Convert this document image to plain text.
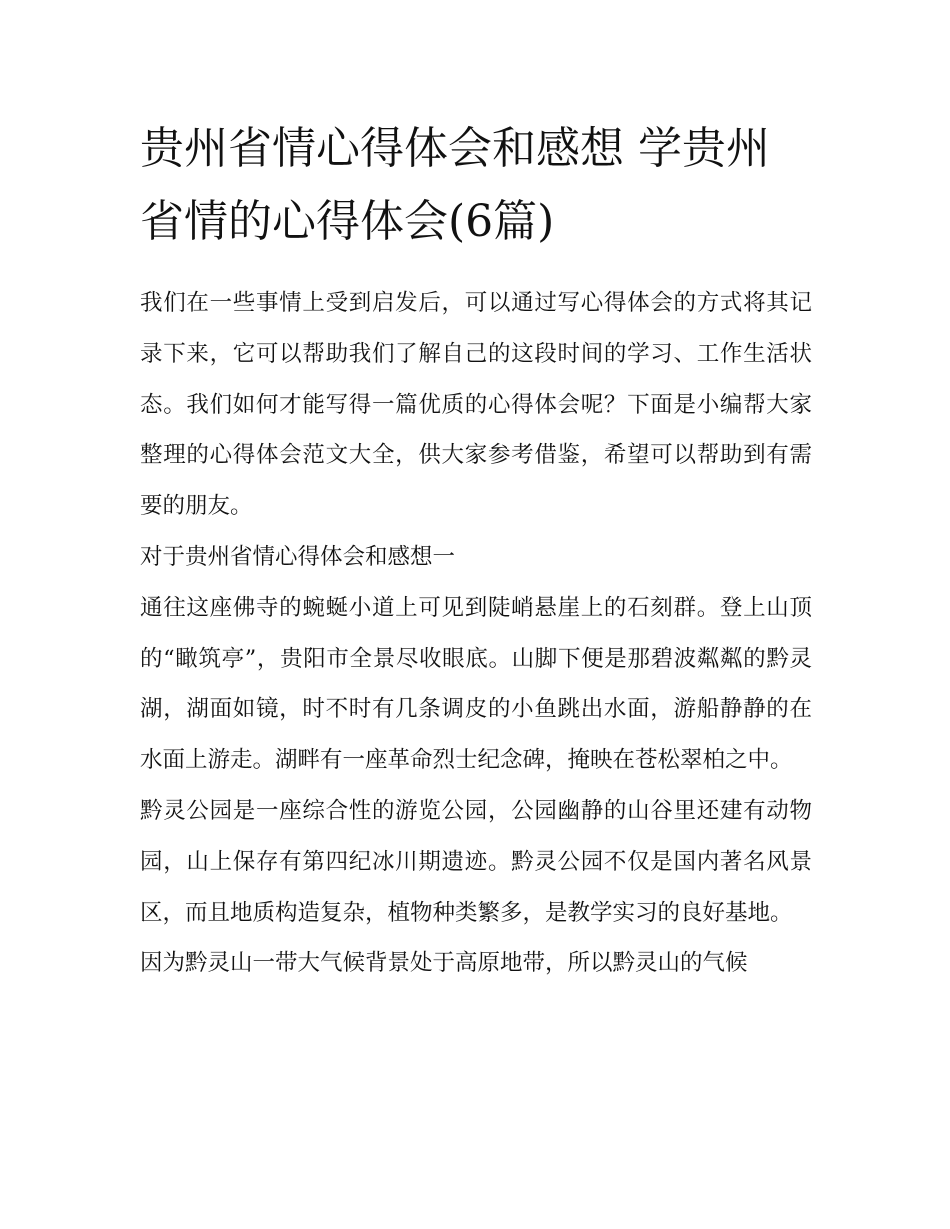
贵州省情心得体会和感想 学贵州省情的心得体会(6篇)

我们在一些事情上受到启发后，可以通过写心得体会的方式将其记录下来，它可以帮助我们了解自己的这段时间的学习、工作生活状态。我们如何才能写得一篇优质的心得体会呢？下面是小编帮大家整理的心得体会范文大全，供大家参考借鉴，希望可以帮助到有需要的朋友。

对于贵州省情心得体会和感想一

通往这座佛寺的蜿蜒小道上可见到陡峭悬崖上的石刻群。登上山顶的“瞰筑亭”，贵阳市全景尽收眼底。山脚下便是那碧波粼粼的黔灵湖，湖面如镜，时不时有几条调皮的小鱼跳出水面，游船静静的在水面上游走。湖畔有一座革命烈士纪念碑，掩映在苍松翠柏之中。

黔灵公园是一座综合性的游览公园，公园幽静的山谷里还建有动物园，山上保存有第四纪冰川期遗迹。黔灵公园不仅是国内著名风景区，而且地质构造复杂，植物种类繁多，是教学实习的良好基地。

因为黔灵山一带大气候背景处于高原地带，所以黔灵山的气候
